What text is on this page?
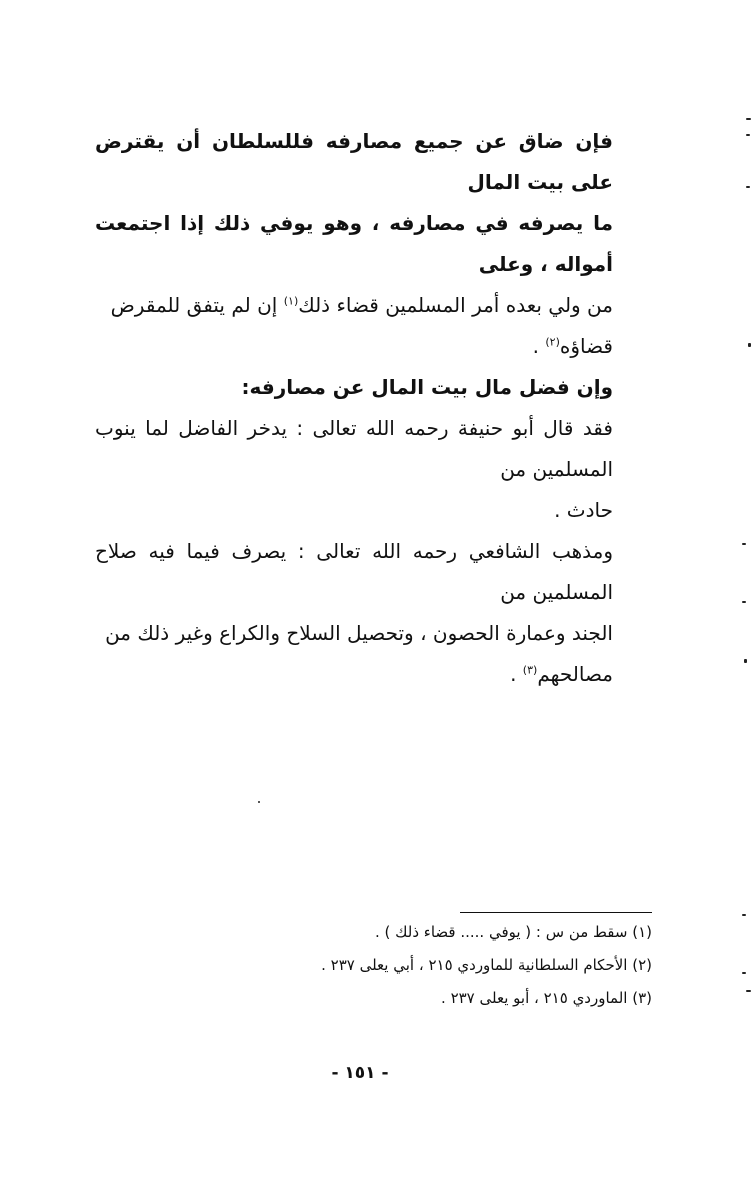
فإن ضاق عن جميع مصارفه فللسلطان أن يقترض على بيت المال
ما يصرفه في مصارفه ، وهو يوفي ذلك إذا اجتمعت أمواله ، وعلى
من ولي بعده أمر المسلمين قضاء ذلك$^{(١)}$ إن لم يتفق للمقرض
قضاؤه$^{(٢)}$ .

وإن فضل مال بيت المال عن مصارفه:

فقد قال أبو حنيفة رحمه الله تعالى : يدخر الفاضل لما ينوب المسلمين من
حادث .

ومذهب الشافعي رحمه الله تعالى : يصرف فيما فيه صلاح المسلمين من
الجند وعمارة الحصون ، وتحصيل السلاح والكراع وغير ذلك من
مصالحهم$^{(٣)}$ .

(١) سقط من س : ( يوفي ..... قضاء ذلك ) .
(٢) الأحكام السلطانية للماوردي ٢١٥ ، أبي يعلى ٢٣٧ .
(٣) الماوردي ٢١٥ ، أبو يعلى ٢٣٧ .
- ١٥١ -
